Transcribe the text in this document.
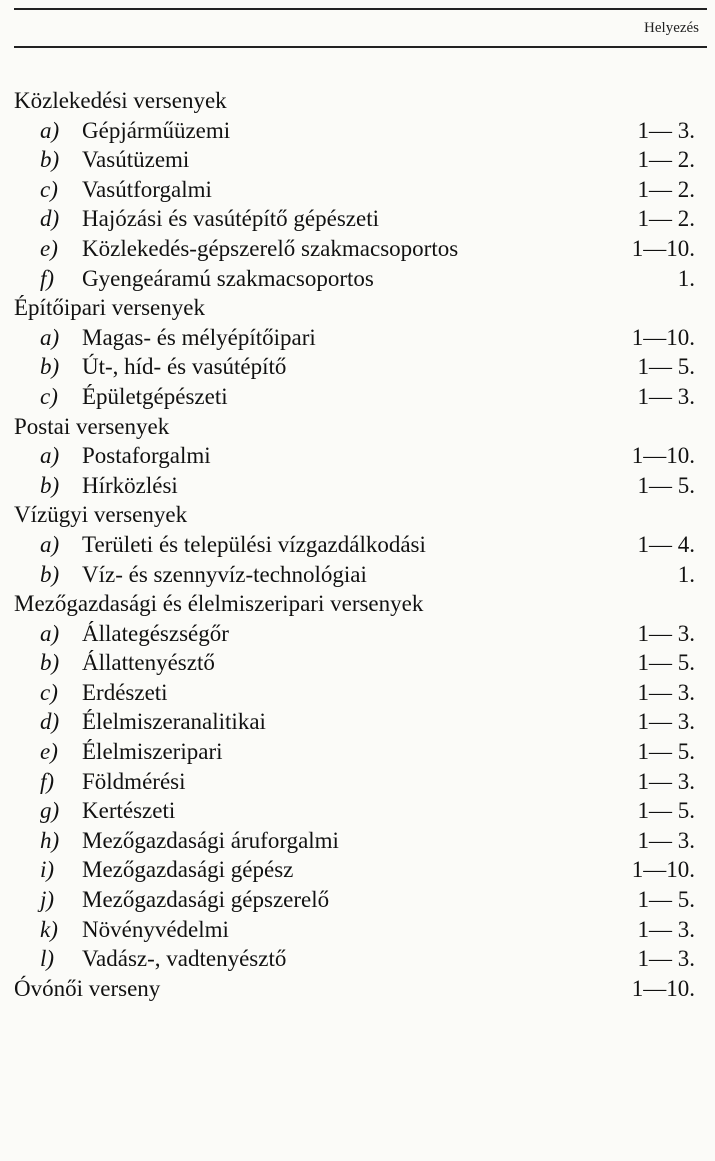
Helyezés
Közlekedési versenyek
a) Gépjárműüzemi	1— 3.
b) Vasútüzemi	1— 2.
c) Vasútforgalmi	1— 2.
d) Hajózási és vasútépítő gépészeti	1— 2.
e) Közlekedés-gépszerelő szakmacsoportos	1—10.
f) Gyengeáramú szakmacsoportos	1.
Építőipari versenyek
a) Magas- és mélyépítőipari	1—10.
b) Út-, híd- és vasútépítő	1— 5.
c) Épületgépészeti	1— 3.
Postai versenyek
a) Postaforgalmi	1—10.
b) Hírközlési	1— 5.
Vízügyi versenyek
a) Területi és települési vízgazdálkodási	1— 4.
b) Víz- és szennyvíz-technológiai	1.
Mezőgazdasági és élelmiszeripari versenyek
a) Állategészségőr	1— 3.
b) Állattenyésztő	1— 5.
c) Erdészeti	1— 3.
d) Élelmiszeranalitikai	1— 3.
e) Élelmiszeripari	1— 5.
f) Földmérési	1— 3.
g) Kertészeti	1— 5.
h) Mezőgazdasági áruforgalmi	1— 3.
i) Mezőgazdasági gépész	1—10.
j) Mezőgazdasági gépszerelő	1— 5.
k) Növényvédelmi	1— 3.
l) Vadász-, vadtenyésztő	1— 3.
Óvónői verseny	1—10.
